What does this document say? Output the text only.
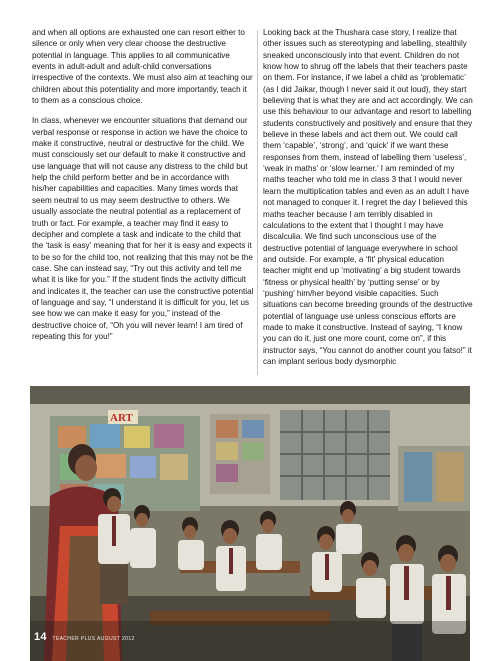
and when all options are exhausted one can resort either to silence or only when very clear choose the destructive potential in language. This applies to all communicative events in adult-adult and adult-child conversations irrespective of the contexts. We must also aim at teaching our children about this potentiality and more importantly, teach it to them as a conscious choice.

In class, whenever we encounter situations that demand our verbal response or response in action we have the choice to make it constructive, neutral or destructive for the child. We must consciously set our default to make it constructive and use language that will not cause any distress to the child but help the child perform better and be in accordance with his/her capabilities and capacities. Many times words that seem neutral to us may seem destructive to others. We usually associate the neutral potential as a replacement of truth or fact. For example, a teacher may find it easy to decipher and complete a task and indicate to the child that the ‘task is easy’ meaning that for her it is easy and expects it to be so for the child too, not realizing that this may not be the case. She can instead say, “Try out this activity and tell me what it is like for you.” If the student finds the activity difficult and indicates it, the teacher can use the constructive potential of language and say, “I understand it is difficult for you, let us see how we can make it easy for you,” instead of the destructive choice of, “Oh you will never learn! I am tired of repeating this for you!”

Looking back at the Thushara case story, I realize that other issues such as stereotyping and labelling, stealthily sneaked unconsciously into that event. Children do not know how to shrug off the labels that their teachers paste on them. For instance, if we label a child as ‘problematic’ (as I did Jaikar, though I never said it out loud), they start believing that is what they are and act accordingly. We can use this behaviour to our advantage and resort to labelling students constructively and positively and ensure that they believe in these labels and act them out. We could call them ‘capable’, ‘strong’, and ‘quick’ if we want these responses from them, instead of labelling them ‘useless’, ‘weak in maths’ or ‘slow learner.’ I am reminded of my maths teacher who told me in class 3 that I would never learn the multiplication tables and even as an adult I have not managed to conquer it. I regret the day I believed this maths teacher because I am terribly disabled in calculations to the extent that I thought I may have discalculia. We find such unconscious use of the destructive potential of language everywhere in school and outside. For example, a ‘fit’ physical education teacher might end up ‘motivating’ a big student towards ‘fitness or physical health’ by ‘putting sense’ or by ‘pushing’ him/her beyond visible capacities. Such situations can become breeding grounds of the destructive potential of language use unless conscious efforts are made to make it constructive. Instead of saying, “I know you can do it, just one more count, come on”, if this instructor says, “You cannot do another count you fatso!” it can implant serious body dysmorphic

ART
14 TEACHER PLUS AUGUST 2012
